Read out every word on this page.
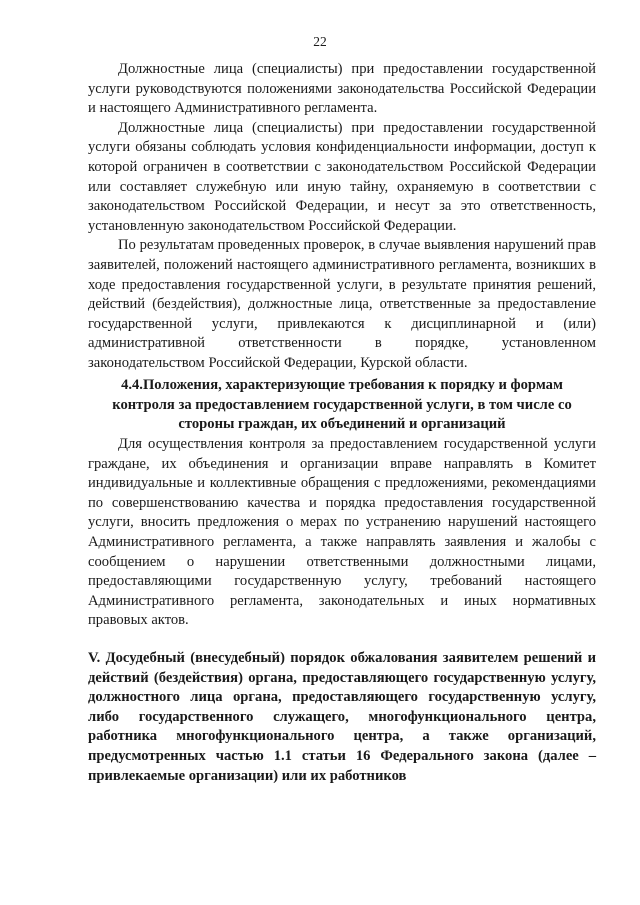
22

Должностные лица (специалисты) при предоставлении государственной услуги руководствуются положениями законодательства Российской Федерации и настоящего Административного регламента.

Должностные лица (специалисты) при предоставлении государственной услуги обязаны соблюдать условия конфиденциальности информации, доступ к которой ограничен в соответствии с законодательством Российской Федерации или составляет служебную или иную тайну, охраняемую в соответствии с законодательством Российской Федерации, и несут за это ответственность, установленную законодательством Российской Федерации.

По результатам проведенных проверок, в случае выявления нарушений прав заявителей, положений настоящего административного регламента, возникших в ходе предоставления государственной услуги, в результате принятия решений, действий (бездействия), должностные лица, ответственные за предоставление государственной услуги, привлекаются к дисциплинарной и (или) административной ответственности в порядке, установленном законодательством Российской Федерации, Курской области.

4.4.Положения, характеризующие требования к порядку и формам контроля за предоставлением государственной услуги, в том числе со стороны граждан, их объединений и организаций

Для осуществления контроля за предоставлением государственной услуги граждане, их объединения и организации вправе направлять в Комитет индивидуальные и коллективные обращения с предложениями, рекомендациями по совершенствованию качества и порядка предоставления государственной услуги, вносить предложения о мерах по устранению нарушений настоящего Административного регламента, а также направлять заявления и жалобы с сообщением о нарушении ответственными должностными лицами, предоставляющими государственную услугу, требований настоящего Административного регламента, законодательных и иных нормативных правовых актов.

V. Досудебный (внесудебный) порядок обжалования заявителем решений и действий (бездействия) органа, предоставляющего государственную услугу, должностного лица органа, предоставляющего государственную услугу, либо государственного служащего, многофункционального центра, работника многофункционального центра, а также организаций, предусмотренных частью 1.1 статьи 16 Федерального закона (далее – привлекаемые организации) или их работников
